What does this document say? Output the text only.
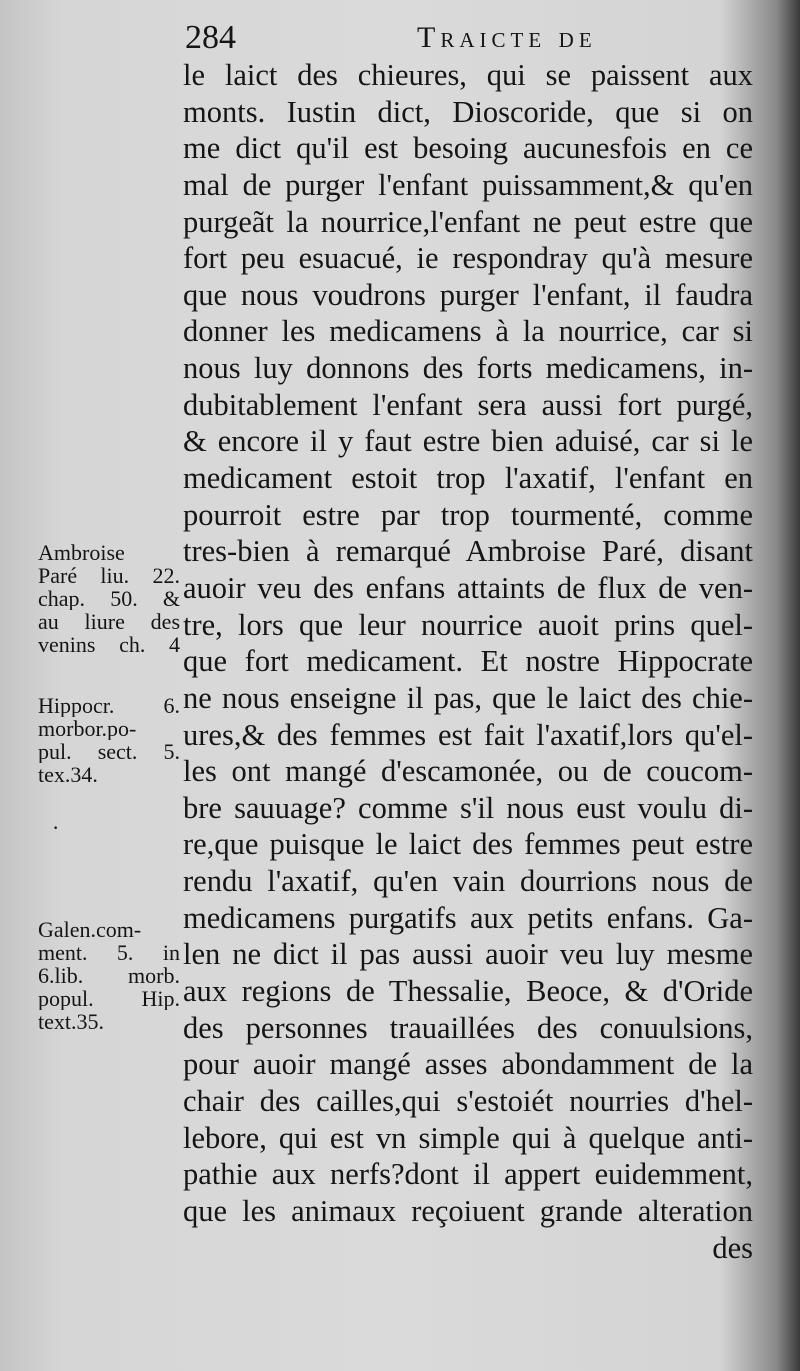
284	Traicte de
le laict des chieures, qui se paissent aux
monts. Iustin dict, Dioscoride, que si on
me dict qu'il est besoing aucunesfois en ce
mal de purger l'enfant puissamment,& qu'en
purgeãt la nourrice,l'enfant ne peut estre que
fort peu esuacué, ie respondray qu'à mesure
que nous voudrons purger l'enfant, il faudra
donner les medicamens à la nourrice, car si
nous luy donnons des forts medicamens, in-
dubitablement l'enfant sera aussi fort purgé,
& encore il y faut estre bien aduisé, car si le
medicament estoit trop l'axatif, l'enfant en
pourroit estre par trop tourmenté, comme
tres-bien à remarqué Ambroise Paré, disant
auoir veu des enfans attaints de flux de ven-
tre, lors que leur nourrice auoit prins quel-
que fort medicament. Et nostre Hippocrate
ne nous enseigne il pas, que le laict des chie-
ures,& des femmes est fait l'axatif,lors qu'el-
les ont mangé d'escamonée, ou de coucom-
bre sauuage? comme s'il nous eust voulu di-
re,que puisque le laict des femmes peut estre
rendu l'axatif, qu'en vain dourrions nous de
medicamens purgatifs aux petits enfans. Ga-
len ne dict il pas aussi auoir veu luy mesme
aux regions de Thessalie, Beoce, & d'Oride
des personnes trauaillées des conuulsions,
pour auoir mangé asses abondamment de la
chair des cailles,qui s'estoiét nourries d'hel-
lebore, qui est vn simple qui à quelque anti-
pathie aux nerfs?dont il appert euidemment,
que les animaux reçoiuent grande alteration
des
Ambroise
Paré liu. 22.
chap. 50. &
au liure des
venins ch. 4
Hippocr. 6.
morbor.po-
pul. sect. 5.
tex.34.
·
Galen.com-
ment. 5. in
6.lib. morb.
popul. Hip.
text.35.
